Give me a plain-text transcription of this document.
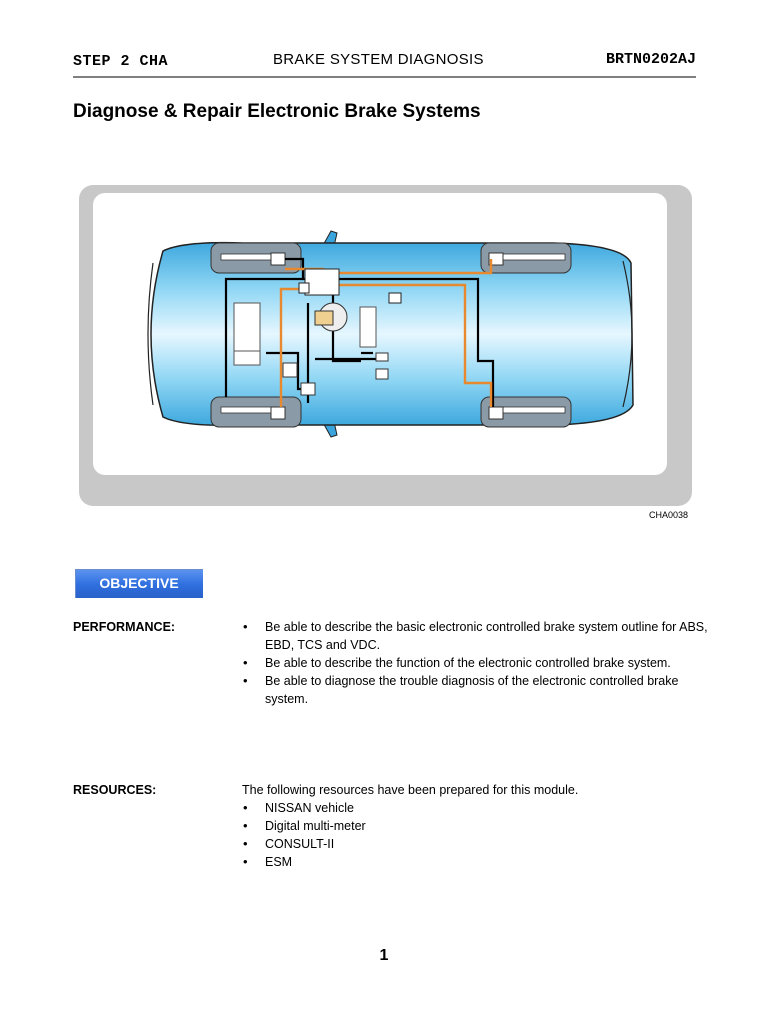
STEP 2 CHA	BRAKE SYSTEM DIAGNOSIS	BRTN0202AJ
Diagnose & Repair Electronic Brake Systems
CHA0038
OBJECTIVE
PERFORMANCE:
•	Be able to describe the basic electronic controlled brake system outline for ABS, EBD, TCS and VDC.
• Be able to describe the function of the electronic controlled brake system.
• Be able to diagnose the trouble diagnosis of the electronic controlled brake system.
RESOURCES:	The following resources have been prepared for this module.
• NISSAN vehicle
• Digital multi-meter
• CONSULT-II
• ESM
1
